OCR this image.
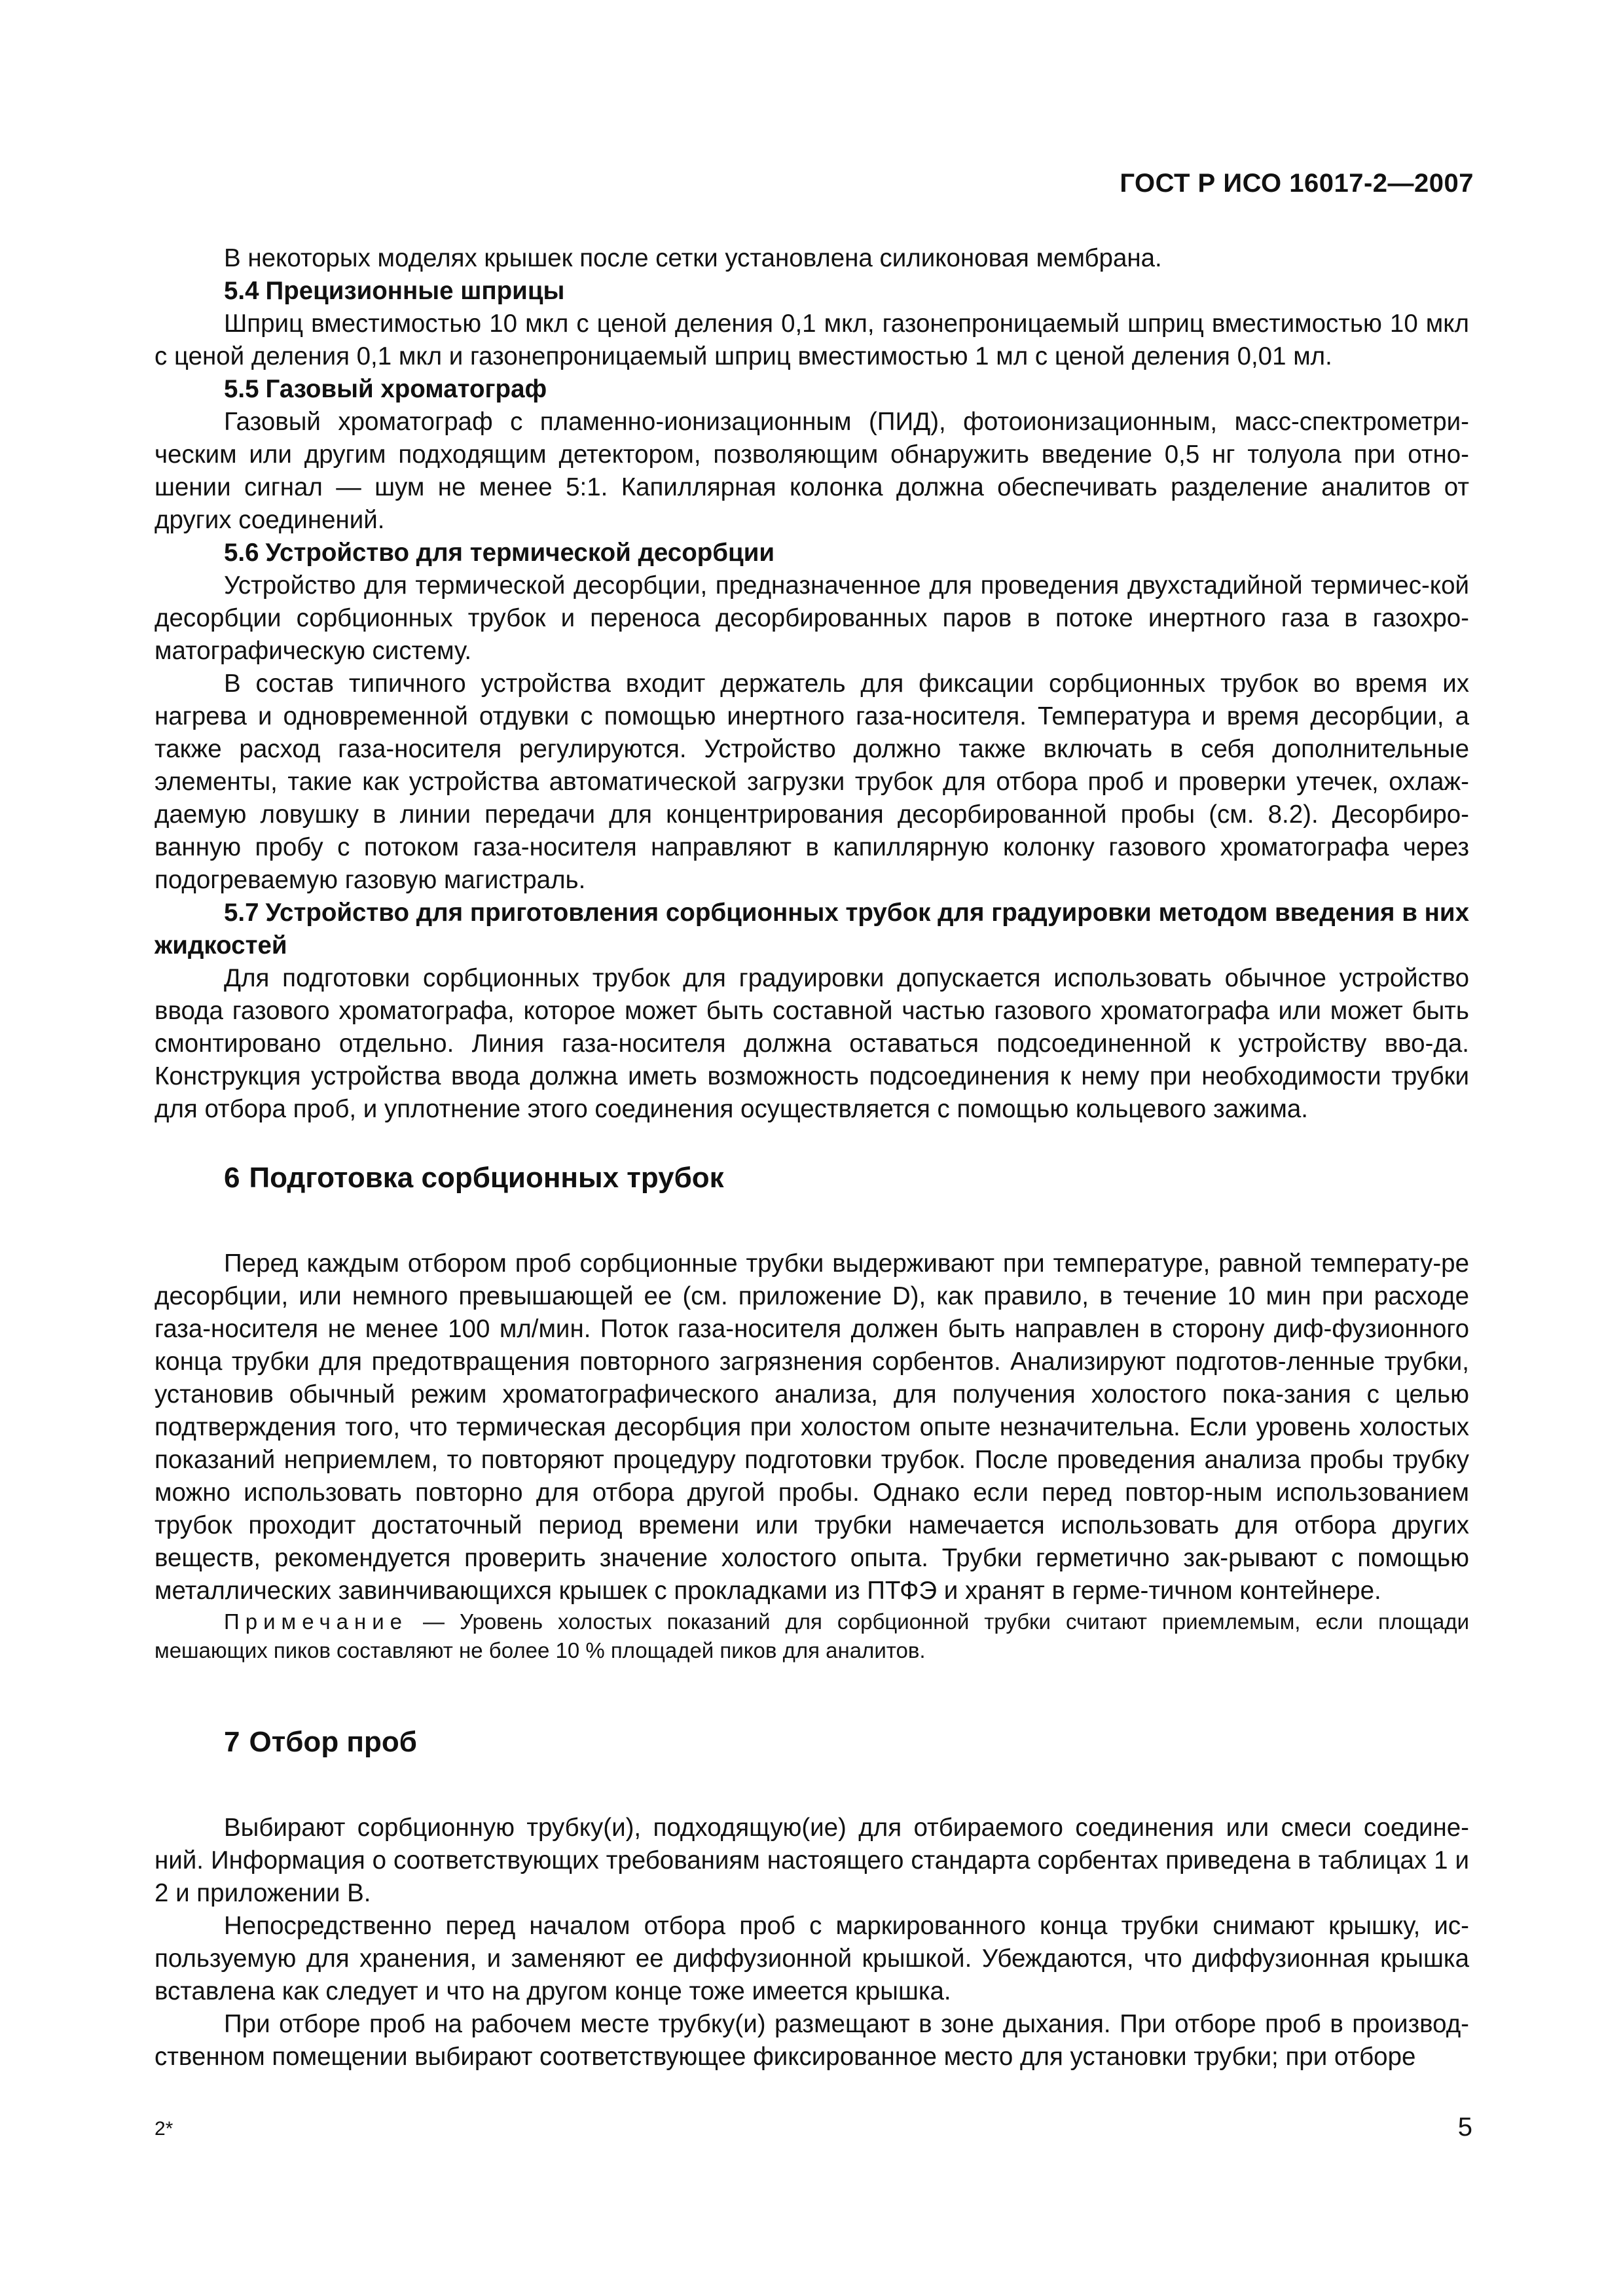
ГОСТ Р ИСО 16017-2—2007

В некоторых моделях крышек после сетки установлена силиконовая мембрана.

5.4 Прецизионные шприцы

Шприц вместимостью 10 мкл с ценой деления 0,1 мкл, газонепроницаемый шприц вместимостью 10 мкл с ценой деления 0,1 мкл и газонепроницаемый шприц вместимостью 1 мл с ценой деления 0,01 мл.

5.5 Газовый хроматограф

Газовый хроматограф с пламенно-ионизационным (ПИД), фотоионизационным, масс-спектрометри-ческим или другим подходящим детектором, позволяющим обнаружить введение 0,5 нг толуола при отно-шении сигнал — шум не менее 5:1. Капиллярная колонка должна обеспечивать разделение аналитов от других соединений.

5.6 Устройство для термической десорбции

Устройство для термической десорбции, предназначенное для проведения двухстадийной термичес-кой десорбции сорбционных трубок и переноса десорбированных паров в потоке инертного газа в газохро-матографическую систему.

В состав типичного устройства входит держатель для фиксации сорбционных трубок во время их нагрева и одновременной отдувки с помощью инертного газа-носителя. Температура и время десорбции, а также расход газа-носителя регулируются. Устройство должно также включать в себя дополнительные элементы, такие как устройства автоматической загрузки трубок для отбора проб и проверки утечек, охлаж-даемую ловушку в линии передачи для концентрирования десорбированной пробы (см. 8.2). Десорбиро-ванную пробу с потоком газа-носителя направляют в капиллярную колонку газового хроматографа через подогреваемую газовую магистраль.

5.7 Устройство для приготовления сорбционных трубок для градуировки методом введения в них жидкостей

Для подготовки сорбционных трубок для градуировки допускается использовать обычное устройство ввода газового хроматографа, которое может быть составной частью газового хроматографа или может быть смонтировано отдельно. Линия газа-носителя должна оставаться подсоединенной к устройству вво-да. Конструкция устройства ввода должна иметь возможность подсоединения к нему при необходимости трубки для отбора проб, и уплотнение этого соединения осуществляется с помощью кольцевого зажима.

6 Подготовка сорбционных трубок

Перед каждым отбором проб сорбционные трубки выдерживают при температуре, равной температу-ре десорбции, или немного превышающей ее (см. приложение D), как правило, в течение 10 мин при расходе газа-носителя не менее 100 мл/мин. Поток газа-носителя должен быть направлен в сторону диф-фузионного конца трубки для предотвращения повторного загрязнения сорбентов. Анализируют подготов-ленные трубки, установив обычный режим хроматографического анализа, для получения холостого пока-зания с целью подтверждения того, что термическая десорбция при холостом опыте незначительна. Если уровень холостых показаний неприемлем, то повторяют процедуру подготовки трубок. После проведения анализа пробы трубку можно использовать повторно для отбора другой пробы. Однако если перед повтор-ным использованием трубок проходит достаточный период времени или трубки намечается использовать для отбора других веществ, рекомендуется проверить значение холостого опыта. Трубки герметично зак-рывают с помощью металлических завинчивающихся крышек с прокладками из ПТФЭ и хранят в герме-тичном контейнере.

Примечание — Уровень холостых показаний для сорбционной трубки считают приемлемым, если площади мешающих пиков составляют не более 10 % площадей пиков для аналитов.

7 Отбор проб

Выбирают сорбционную трубку(и), подходящую(ие) для отбираемого соединения или смеси соедине-ний. Информация о соответствующих требованиям настоящего стандарта сорбентах приведена в таблицах 1 и 2 и приложении В.

Непосредственно перед началом отбора проб с маркированного конца трубки снимают крышку, ис-пользуемую для хранения, и заменяют ее диффузионной крышкой. Убеждаются, что диффузионная крышка вставлена как следует и что на другом конце тоже имеется крышка.

При отборе проб на рабочем месте трубку(и) размещают в зоне дыхания. При отборе проб в производ-ственном помещении выбирают соответствующее фиксированное место для установки трубки; при отборе

2*	5
